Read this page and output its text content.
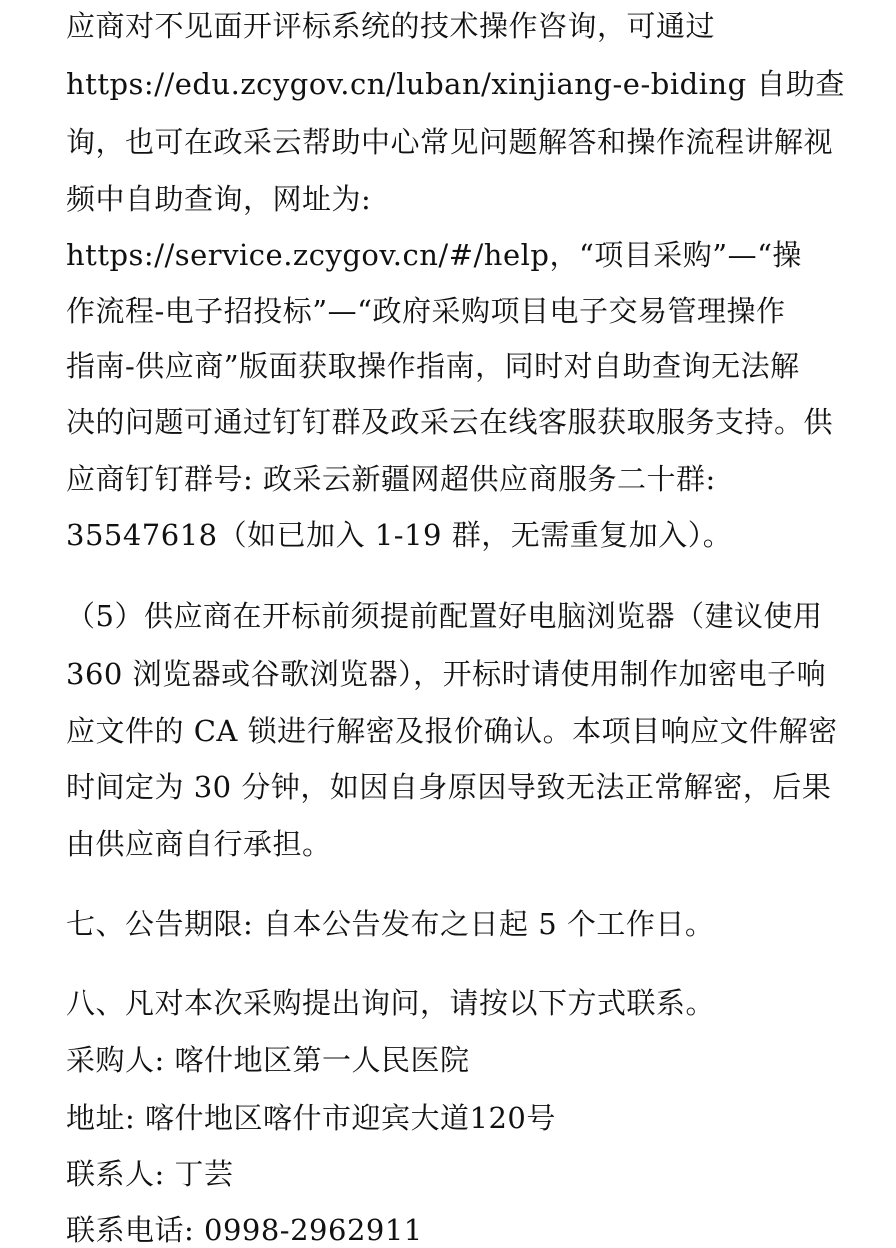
应商对不见面开评标系统的技术操作咨询，可通过
https://edu.zcygov.cn/luban/xinjiang-e-biding 自助查
询，也可在政采云帮助中心常见问题解答和操作流程讲解视
频中自助查询，网址为:
https://service.zcygov.cn/#/help，“项目采购”—“操
作流程-电子招投标”—“政府采购项目电子交易管理操作
指南-供应商”版面获取操作指南，同时对自助查询无法解
决的问题可通过钉钉群及政采云在线客服获取服务支持。供
应商钉钉群号: 政采云新疆网超供应商服务二十群:
35547618（如已加入 1-19 群，无需重复加入）。
（5）供应商在开标前须提前配置好电脑浏览器（建议使用
360 浏览器或谷歌浏览器），开标时请使用制作加密电子响
应文件的 CA 锁进行解密及报价确认。本项目响应文件解密
时间定为 30 分钟，如因自身原因导致无法正常解密，后果
由供应商自行承担。
七、公告期限: 自本公告发布之日起 5 个工作日。
八、凡对本次采购提出询问，请按以下方式联系。
采购人: 喀什地区第一人民医院
地址: 喀什地区喀什市迎宾大道120号
联系人: 丁芸
联系电话: 0998-2962911
